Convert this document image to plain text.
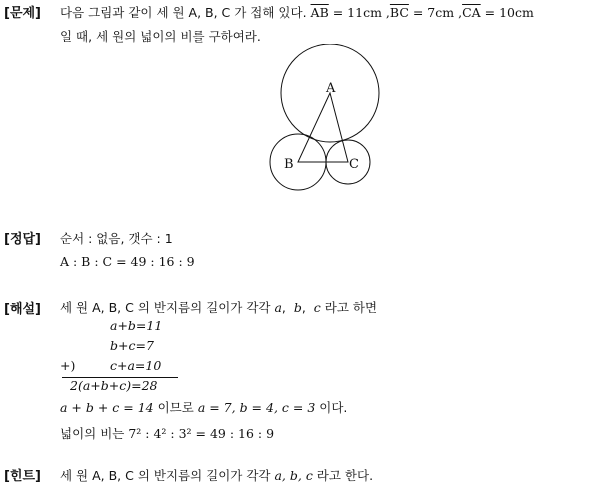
[문제] 다음 그림과 같이 세 원 A, B, C 가 접해 있다. $\overline{AB} = 11cm$ $,\overline{BC} = 7cm$ $,\overline{CA} = 10cm$
일 때, 세 원의 넓이의 비를 구하여라.
A
B	C
[정답] 순서 : 없음, 갯수 : 1
A : B : C = 49 : 16 : 9
[해설] 세 원 A, B, C 의 반지름의 길이가 각각 a,  b,  c 라고 하면
a+b=11
b+c=7
+)	c+a=10
2(a+b+c)=28
a + b + c = 14 이므로 a = 7, b = 4, c = 3 이다.
넓이의 비는 7² : 4² : 3² = 49 : 16 : 9
[힌트] 세 원 A, B, C 의 반지름의 길이가 각각 a, b, c 라고 한다.
